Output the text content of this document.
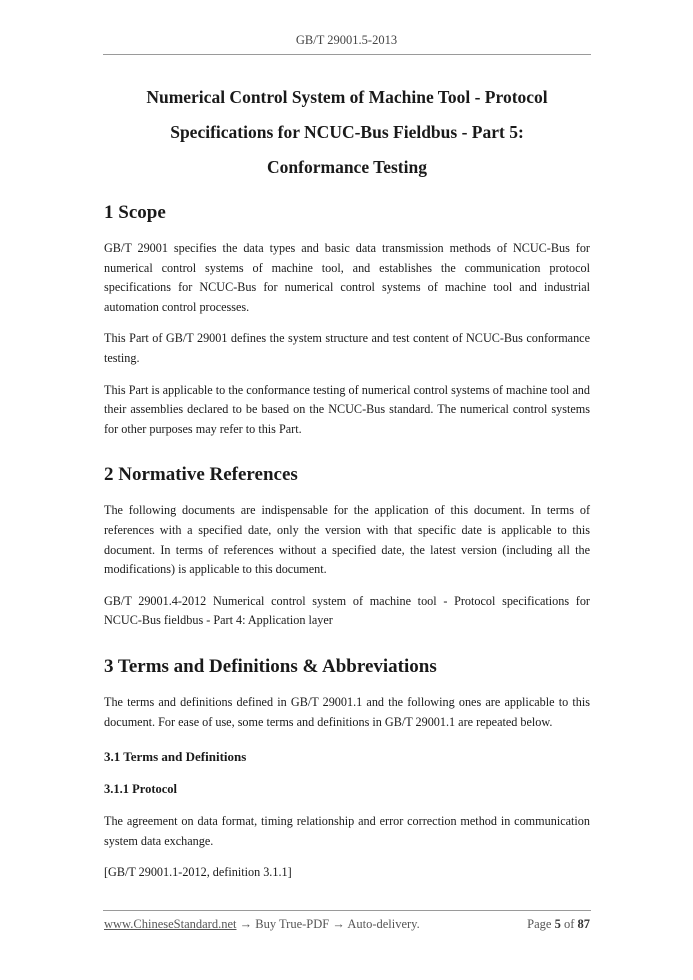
GB/T 29001.5-2013
Numerical Control System of Machine Tool - Protocol
Specifications for NCUC-Bus Fieldbus - Part 5:
Conformance Testing
1 Scope

GB/T 29001 specifies the data types and basic data transmission methods of NCUC-Bus for numerical control systems of machine tool, and establishes the communication protocol specifications for NCUC-Bus for numerical control systems of machine tool and industrial automation control processes.

This Part of GB/T 29001 defines the system structure and test content of NCUC-Bus conformance testing.

This Part is applicable to the conformance testing of numerical control systems of machine tool and their assemblies declared to be based on the NCUC-Bus standard. The numerical control systems for other purposes may refer to this Part.

2 Normative References

The following documents are indispensable for the application of this document. In terms of references with a specified date, only the version with that specific date is applicable to this document. In terms of references without a specified date, the latest version (including all the modifications) is applicable to this document.

GB/T 29001.4-2012 Numerical control system of machine tool - Protocol specifications for NCUC-Bus fieldbus - Part 4: Application layer

3 Terms and Definitions & Abbreviations

The terms and definitions defined in GB/T 29001.1 and the following ones are applicable to this document. For ease of use, some terms and definitions in GB/T 29001.1 are repeated below.

3.1 Terms and Definitions
3.1.1 Protocol

The agreement on data format, timing relationship and error correction method in communication system data exchange.

[GB/T 29001.1-2012, definition 3.1.1]

www.ChineseStandard.net → Buy True-PDF → Auto-delivery.	Page 5 of 87
